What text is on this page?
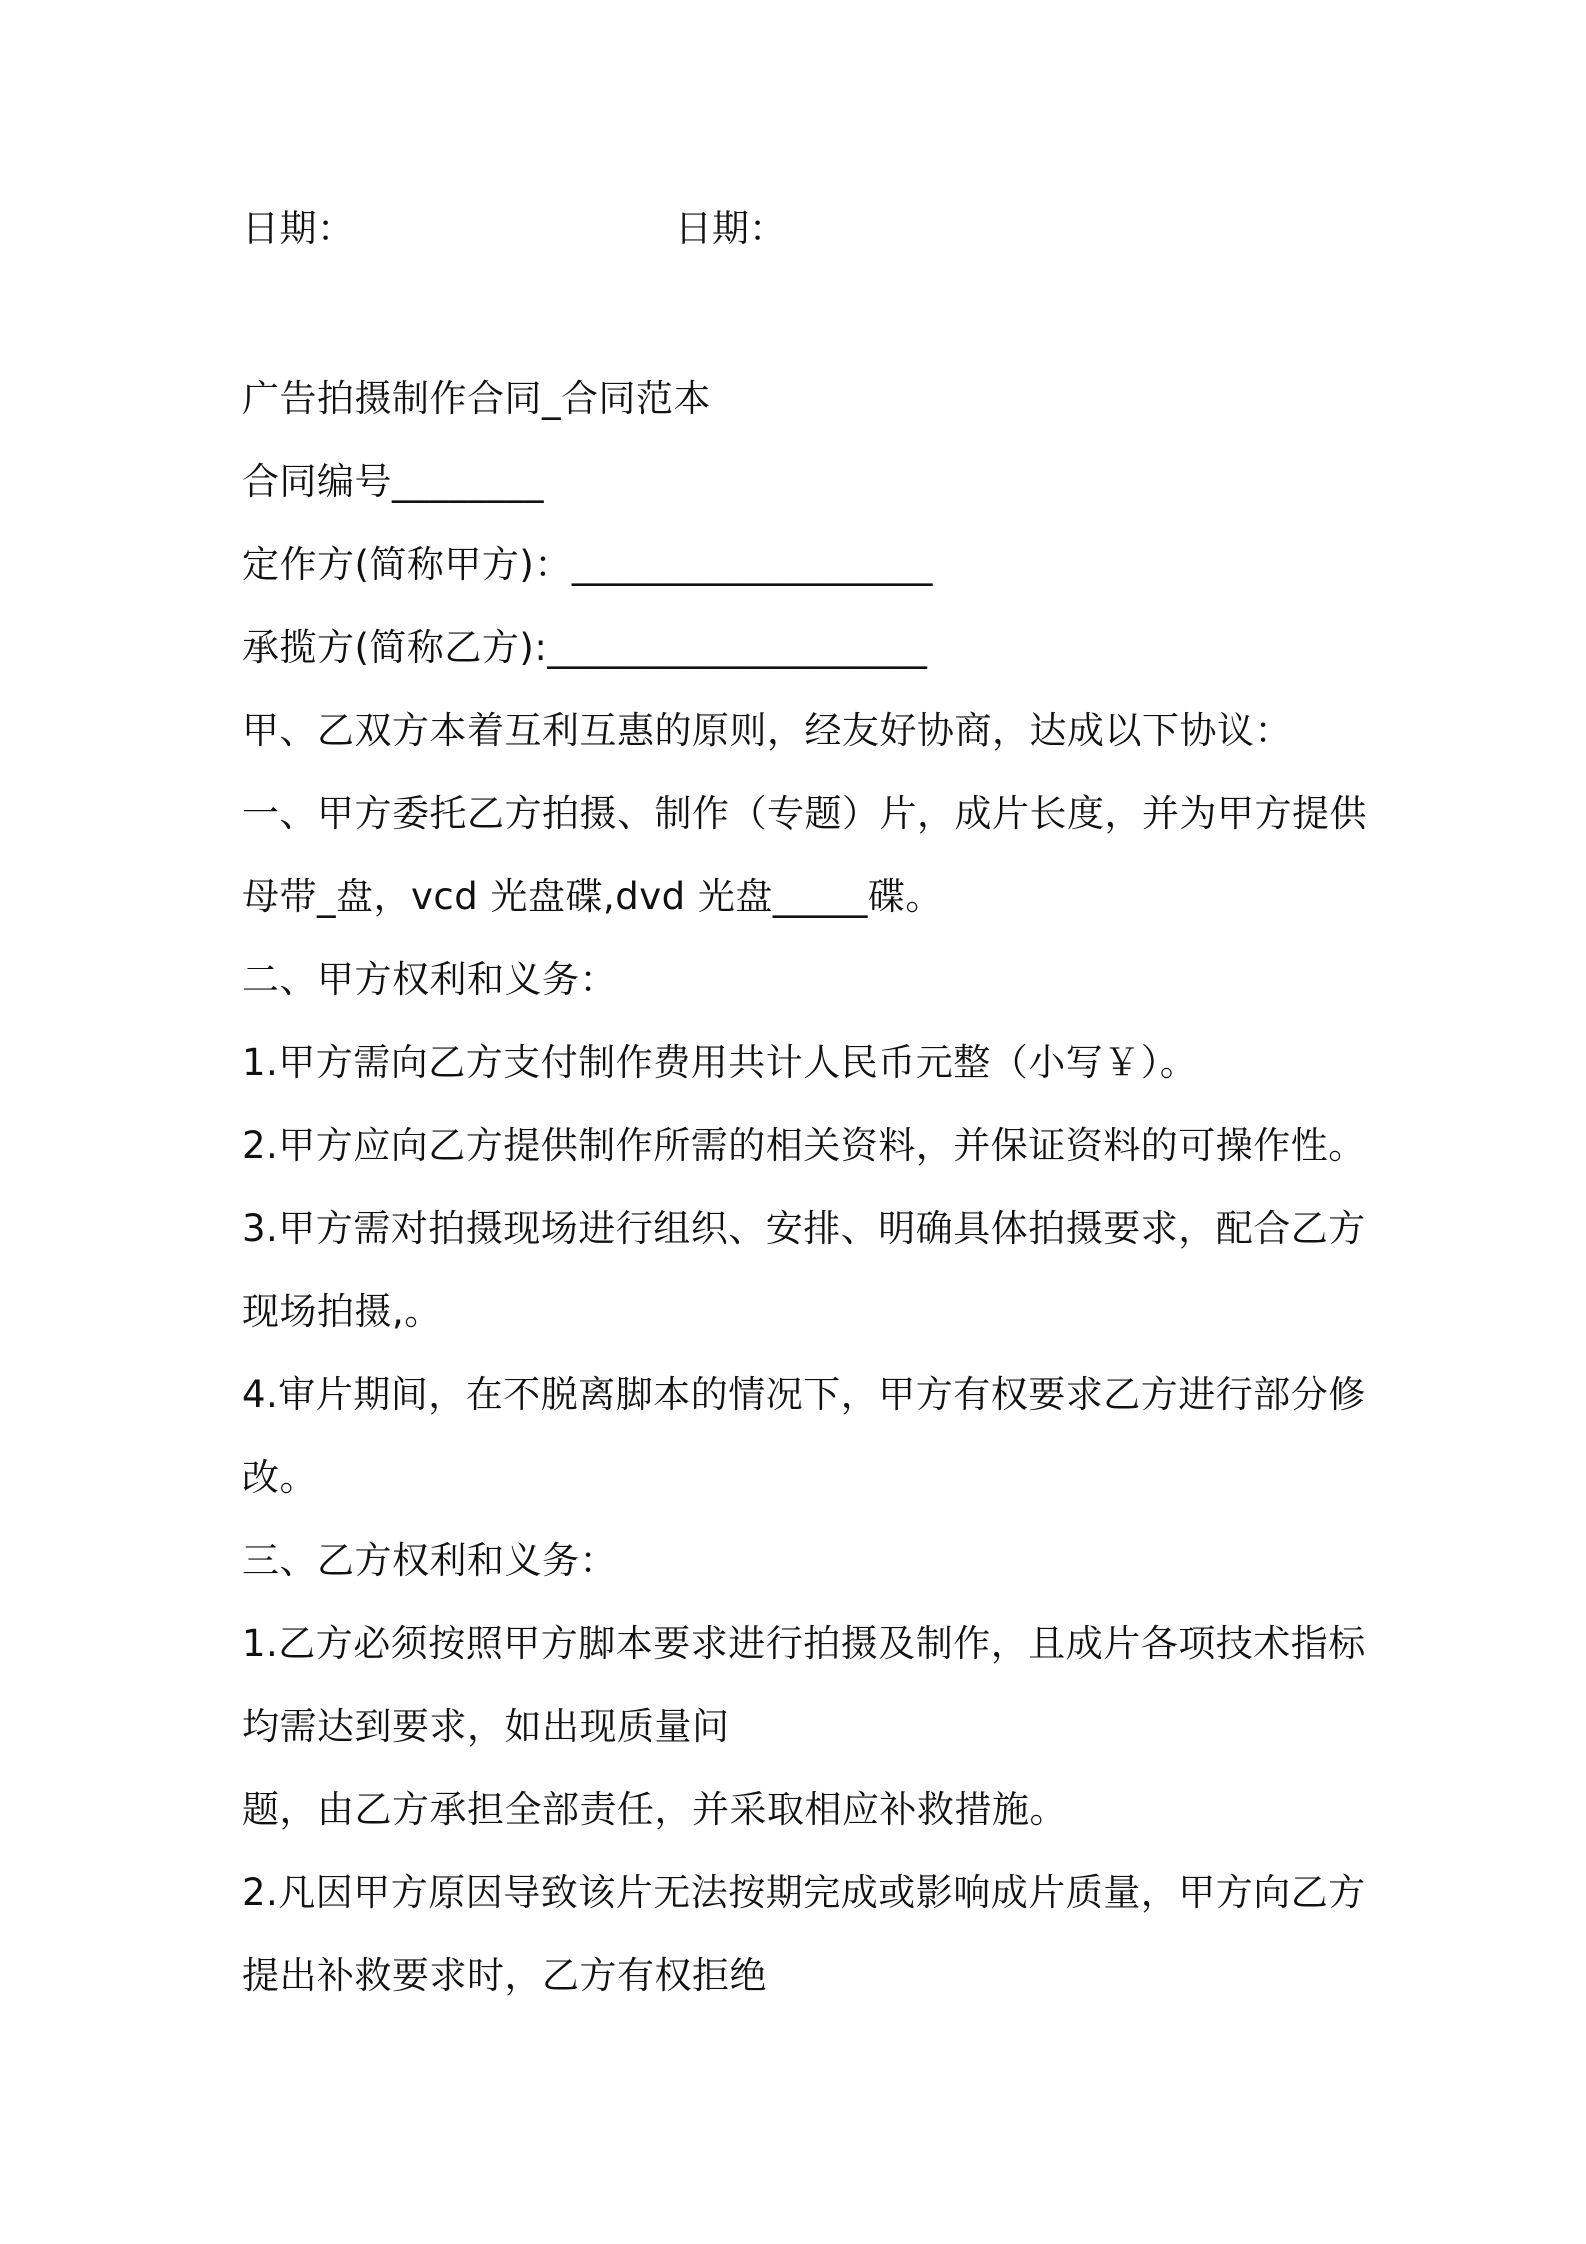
日期：	日期：
广告拍摄制作合同_合同范本
合同编号________
定作方(简称甲方)：___________________
承揽方(简称乙方):____________________
甲、乙双方本着互利互惠的原则，经友好协商，达成以下协议：
一、甲方委托乙方拍摄、制作（专题）片，成片长度，并为甲方提供
母带_盘，vcd 光盘碟,dvd 光盘_____碟。
二、甲方权利和义务：
1.甲方需向乙方支付制作费用共计人民币元整（小写￥）。
2.甲方应向乙方提供制作所需的相关资料，并保证资料的可操作性。
3.甲方需对拍摄现场进行组织、安排、明确具体拍摄要求，配合乙方
现场拍摄,。
4.审片期间，在不脱离脚本的情况下，甲方有权要求乙方进行部分修
改。
三、乙方权利和义务：
1.乙方必须按照甲方脚本要求进行拍摄及制作，且成片各项技术指标
均需达到要求，如出现质量问
题，由乙方承担全部责任，并采取相应补救措施。
2.凡因甲方原因导致该片无法按期完成或影响成片质量，甲方向乙方
提出补救要求时，乙方有权拒绝
